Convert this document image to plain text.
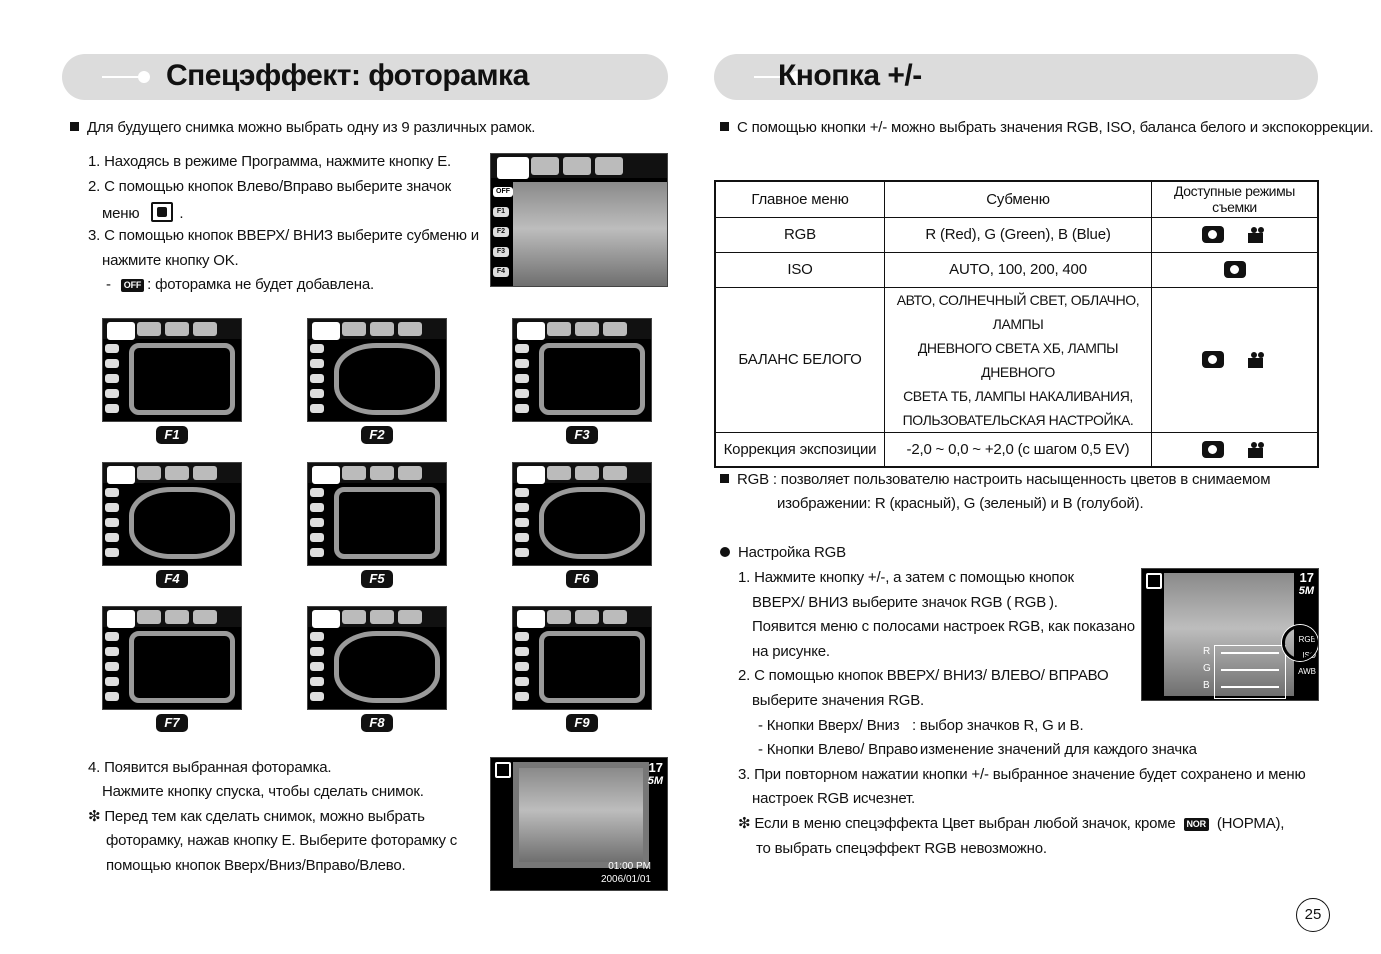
Спецэффект: фоторамка
Для будущего снимка можно выбрать одну из 9 различных рамок.
1. Находясь в режиме Программа, нажмите кнопку E.
2. С помощью кнопок Влево/Вправо выберите значок
меню	.
3. С помощью кнопок ВВЕРХ/ ВНИЗ выберите субменю и
нажмите кнопку OK.
- OFF : фоторамка не будет добавлена.
OFF
F1
F2
F3
F4
F1	F2	F3
F4	F5	F6
F7	F8	F9
4. Появится выбранная фоторамка.
Нажмите кнопку спуска, чтобы сделать снимок.
❇ Перед тем как сделать снимок, можно выбрать
фоторамку, нажав кнопку E. Выберите фоторамку с
помощью кнопок Вверх/Вниз/Вправо/Влево.
17
5M
01:00 PM
2006/01/01
Кнопка +/-
С помощью кнопки +/- можно выбрать значения RGB, ISO, баланса белого и экспокоррекции.
Главное меню	Субменю	Доступные режимы съемки
RGB	R (Red), G (Green), B (Blue)	
ISO	AUTO, 100, 200, 400	
БАЛАНС БЕЛОГО	АВТО, СОЛНЕЧНЫЙ СВЕТ, ОБЛАЧНО, ЛАМПЫ
ДНЕВНОГО СВЕТА ХБ, ЛАМПЫ ДНЕВНОГО
СВЕТА ТБ, ЛАМПЫ НАКАЛИВАНИЯ,
ПОЛЬЗОВАТЕЛЬСКАЯ НАСТРОЙКА.	

Коррекция экспозиции	-2,0 ~ 0,0 ~ +2,0 (с шагом 0,5 EV)	
RGB : позволяет пользователю настроить насыщенность цветов в снимаемом
изображении: R (красный), G (зеленый) и B (голубой).
Настройка RGB
1. Нажмите кнопку +/-, а затем с помощью кнопок
ВВЕРХ/ ВНИЗ выберите значок RGB ( RGB ).
Появится меню с полосами настроек RGB, как показано
на рисунке.
2. С помощью кнопок ВВЕРХ/ ВНИЗ/ ВЛЕВО/ ВПРАВО
выберите значения RGB.
- Кнопки Вверх/ Вниз : выбор значков R, G и B.
- Кнопки Влево/ Вправо
: изменение значений для каждого значка
3. При повторном нажатии кнопки +/- выбранное значение будет сохранено и меню
настроек RGB исчезнет.
❇ Если в меню спецэффекта Цвет выбран любой значок, кроме NOR (НОРМА),
то выбрать спецэффект RGB невозможно.
17
5M
R
G
B
RGB
ISO
AWB
25
